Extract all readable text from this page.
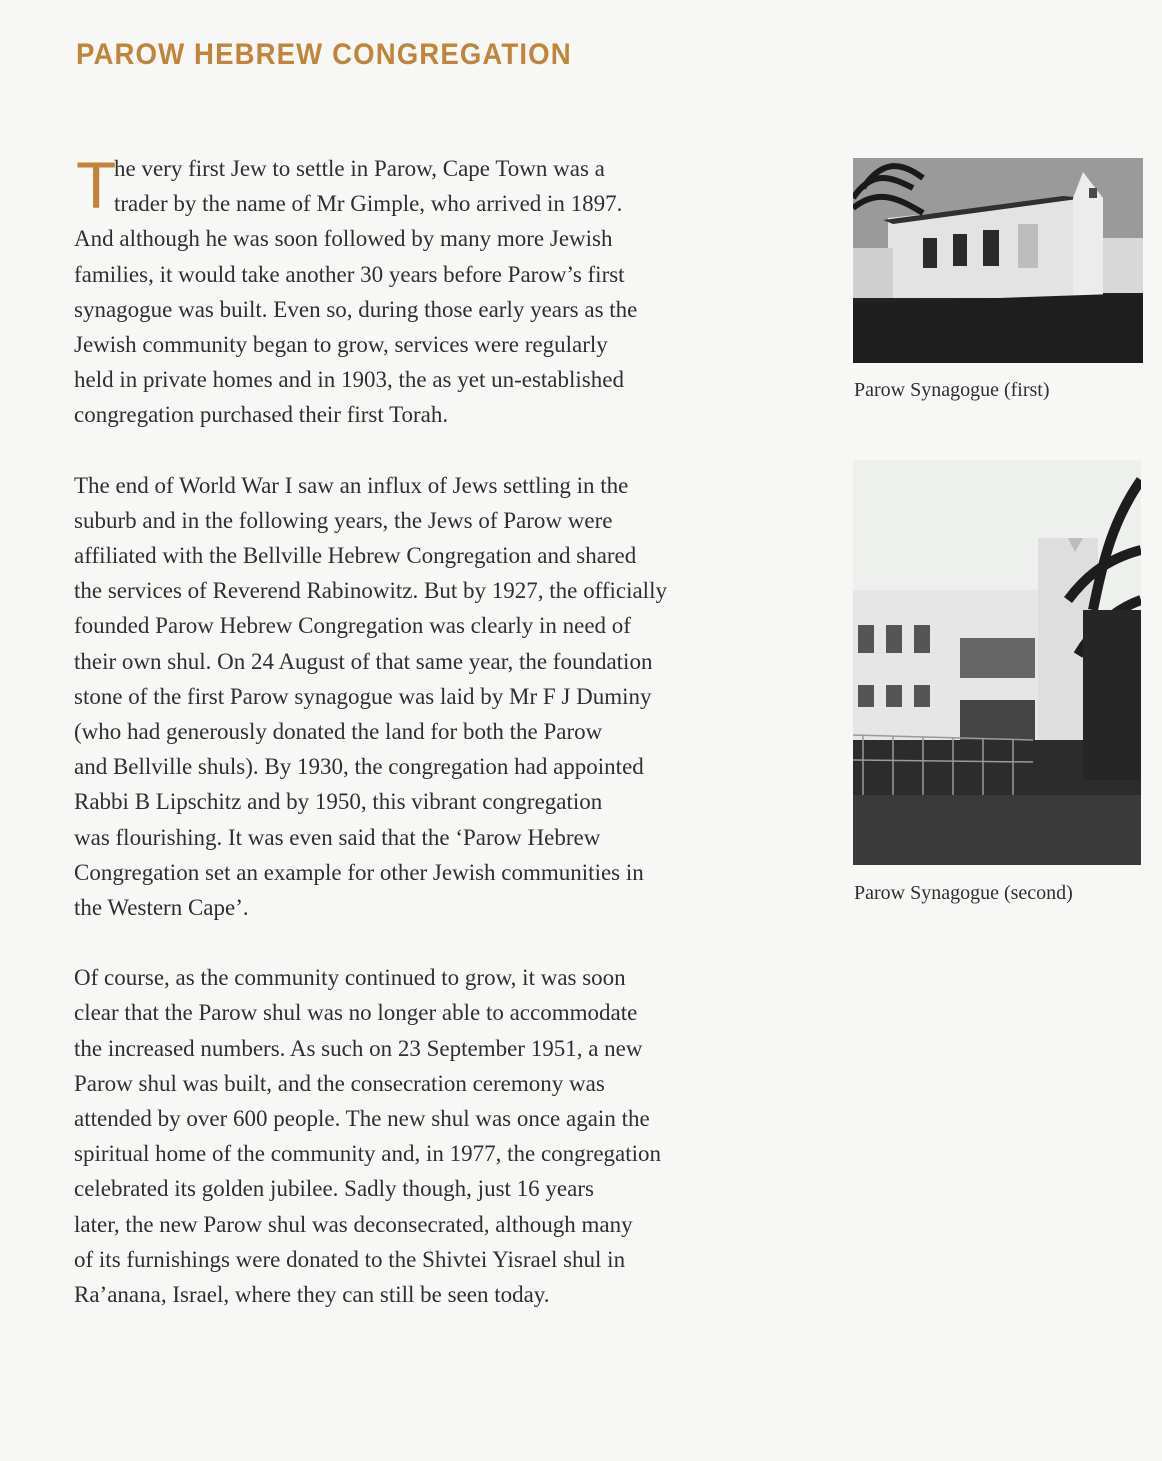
PAROW HEBREW CONGREGATION
T
he very first Jew to settle in Parow, Cape Town was a
trader by the name of Mr Gimple, who arrived in 1897.
And although he was soon followed by many more Jewish
families, it would take another 30 years before Parow’s first
synagogue was built. Even so, during those early years as the
Jewish community began to grow, services were regularly
held in private homes and in 1903, the as yet un-established
congregation purchased their first Torah.
The end of World War I saw an influx of Jews settling in the
suburb and in the following years, the Jews of Parow were
affiliated with the Bellville Hebrew Congregation and shared
the services of Reverend Rabinowitz. But by 1927, the officially
founded Parow Hebrew Congregation was clearly in need of
their own shul. On 24 August of that same year, the foundation
stone of the first Parow synagogue was laid by Mr F J Duminy
(who had generously donated the land for both the Parow
and Bellville shuls). By 1930, the congregation had appointed
Rabbi B Lipschitz and by 1950, this vibrant congregation
was flourishing. It was even said that the ‘Parow Hebrew
Congregation set an example for other Jewish communities in
the Western Cape’.
Of course, as the community continued to grow, it was soon
clear that the Parow shul was no longer able to accommodate
the increased numbers. As such on 23 September 1951, a new
Parow shul was built, and the consecration ceremony was
attended by over 600 people. The new shul was once again the
spiritual home of the community and, in 1977, the congregation
celebrated its golden jubilee. Sadly though, just 16 years
later, the new Parow shul was deconsecrated, although many
of its furnishings were donated to the Shivtei Yisrael shul in
Ra’anana, Israel, where they can still be seen today.
Parow Synagogue (first)
Parow Synagogue (second)
